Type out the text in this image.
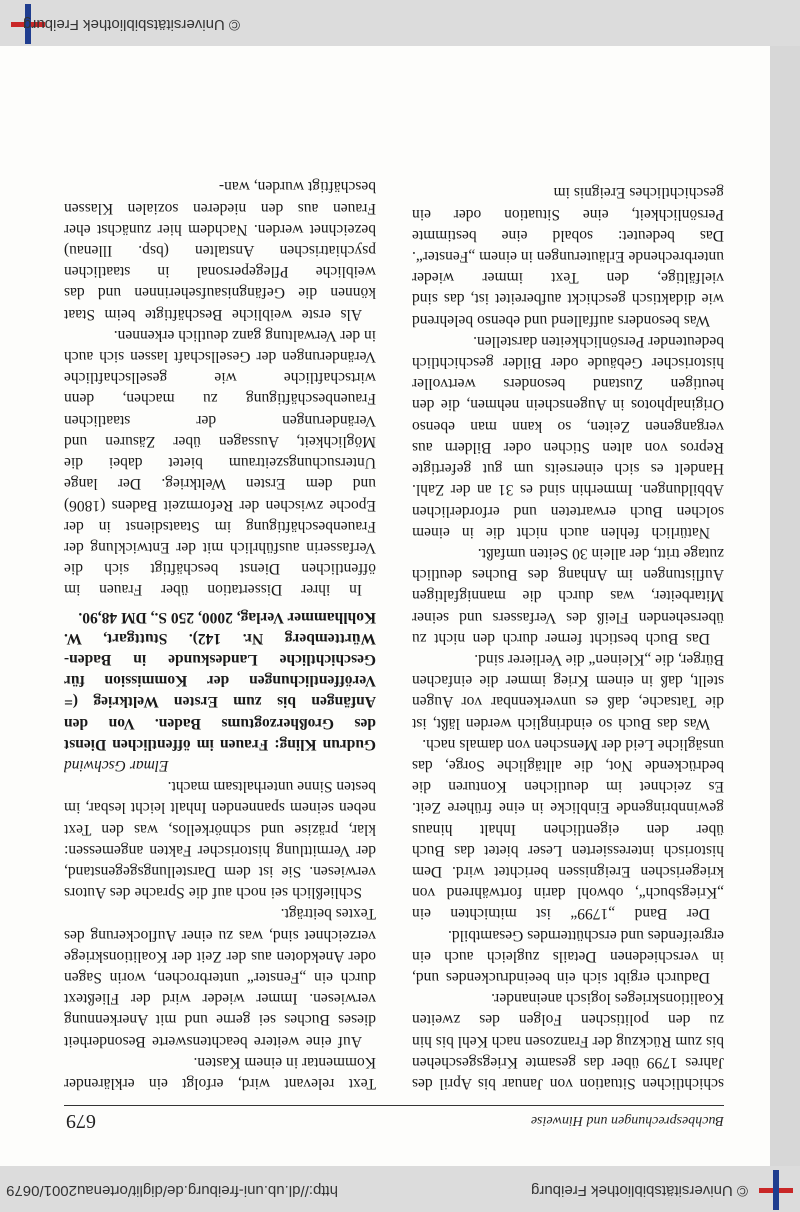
© Universitätsbibliothek Freiburg
http://dl.ub.uni-freiburg.de/diglit/ortenau2001/0679
Buchbesprechungen und Hinweise
679

schichtlichen Situation von Januar bis April des Jahres 1799 über das gesamte Kriegsgeschehen bis zum Rückzug der Franzosen nach Kehl bis hin zu den politischen Folgen des zweiten Koalitionskrieges logisch aneinander.

Dadurch ergibt sich ein beeindruckendes und, in verschiedenen Details zugleich auch ein ergreifendes und erschütterndes Gesamtbild.

Der Band „1799“ ist mitnichten ein „Kriegsbuch“, obwohl darin fortwährend von kriegerischen Ereignissen berichtet wird. Dem historisch interessierten Leser bietet das Buch über den eigentlichen Inhalt hinaus gewinnbringende Einblicke in eine frühere Zeit. Es zeichnet im deutlichen Konturen die bedrückende Not, die alltägliche Sorge, das unsägliche Leid der Menschen von damals nach.

Was das Buch so eindringlich werden läßt, ist die Tatsache, daß es unverkennbar vor Augen stellt, daß in einem Krieg immer die einfachen Bürger, die „Kleinen“ die Verlierer sind.

Das Buch besticht ferner durch den nicht zu übersehenden Fleiß des Verfassers und seiner Mitarbeiter, was durch die mannigfaltigen Auflistungen im Anhang des Buches deutlich zutage tritt, der allein 30 Seiten umfaßt.

Natürlich fehlen auch nicht die in einem solchen Buch erwarteten und erforderlichen Abbildungen. Immerhin sind es 31 an der Zahl. Handelt es sich einerseits um gut gefertigte Repros von alten Stichen oder Bildern aus vergangenen Zeiten, so kann man ebenso Originalphotos in Augenschein nehmen, die den heutigen Zustand besonders wertvoller historischer Gebäude oder Bilder geschichtlich bedeutender Persönlichkeiten darstellen.

Was besonders auffallend und ebenso belehrend wie didaktisch geschickt aufbereitet ist, das sind vielfältige, den Text immer wieder unterbrechende Erläuterungen in einem „Fenster“. Das bedeutet: sobald eine bestimmte Persönlichkeit, eine Situation oder ein geschichtliches Ereignis im

Text relevant wird, erfolgt ein erklärender Kommentar in einem Kasten.

Auf eine weitere beachtenswerte Besonderheit dieses Buches sei gerne und mit Anerkennung verwiesen. Immer wieder wird der Fließtext durch ein „Fenster“ unterbrochen, worin Sagen oder Anekdoten aus der Zeit der Koalitionskriege verzeichnet sind, was zu einer Auflockerung des Textes beiträgt.

Schließlich sei noch auf die Sprache des Autors verwiesen. Sie ist dem Darstellungsgegenstand, der Vermittlung historischer Fakten angemessen: klar, präzise und schnörkellos, was den Text neben seinem spannenden Inhalt leicht lesbar, im besten Sinne unterhaltsam macht.

Elmar Gschwind

Gudrun Kling: Frauen im öffentlichen Dienst des Großherzogtums Baden. Von den Anfängen bis zum Ersten Weltkrieg (= Veröffentlichungen der Kommission für Geschichtliche Landeskunde in Baden-Württemberg Nr. 142). Stuttgart, W. Kohlhammer Verlag, 2000, 250 S., DM 48,90.

In ihrer Dissertation über Frauen im öffentlichen Dienst beschäftigt sich die Verfasserin ausführlich mit der Entwicklung der Frauenbeschäftigung im Staatsdienst in der Epoche zwischen der Reformzeit Badens (1806) und dem Ersten Weltkrieg. Der lange Untersuchungszeitraum bietet dabei die Möglichkeit, Aussagen über Zäsuren und Veränderungen der staatlichen Frauenbeschäftigung zu machen, denn wirtschaftliche wie gesellschaftliche Veränderungen der Gesellschaft lassen sich auch in der Verwaltung ganz deutlich erkennen.

Als erste weibliche Beschäftigte beim Staat können die Gefängnisaufseherinnen und das weibliche Pflegepersonal in staatlichen psychiatrischen Anstalten (bsp. Illenau) bezeichnet werden. Nachdem hier zunächst eher Frauen aus den niederen sozialen Klassen beschäftigt wurden, wan-

© Universitätsbibliothek Freiburg
